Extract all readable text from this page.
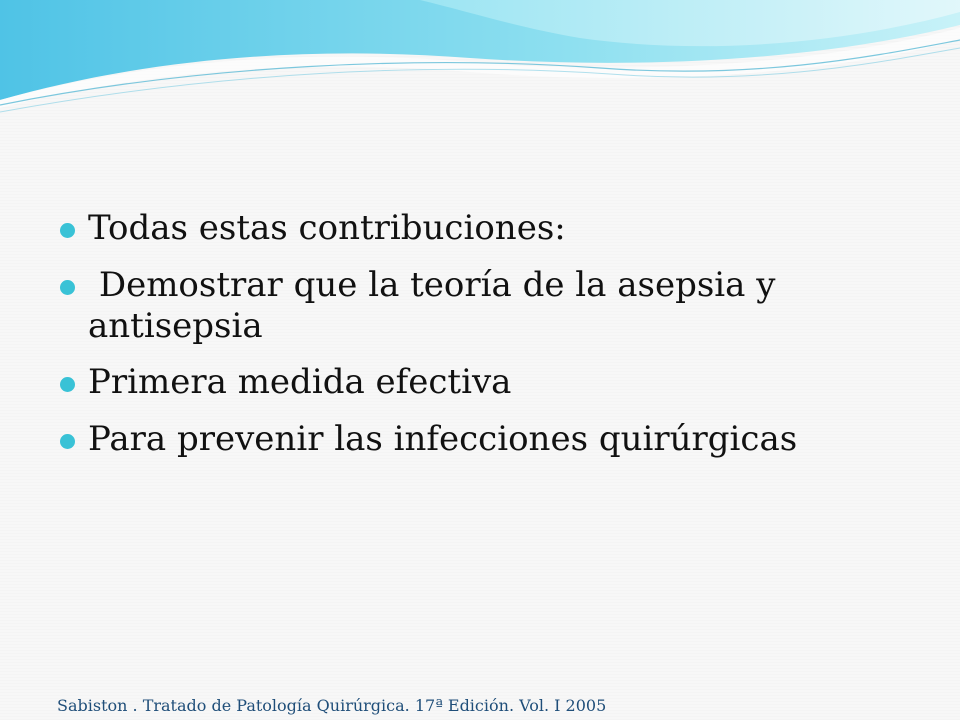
Todas estas contribuciones:
Demostrar que la teoría de la asepsia y antisepsia
Primera medida efectiva
Para prevenir las infecciones quirúrgicas
Sabiston . Tratado de Patología Quirúrgica. 17ª Edición. Vol. I 2005
